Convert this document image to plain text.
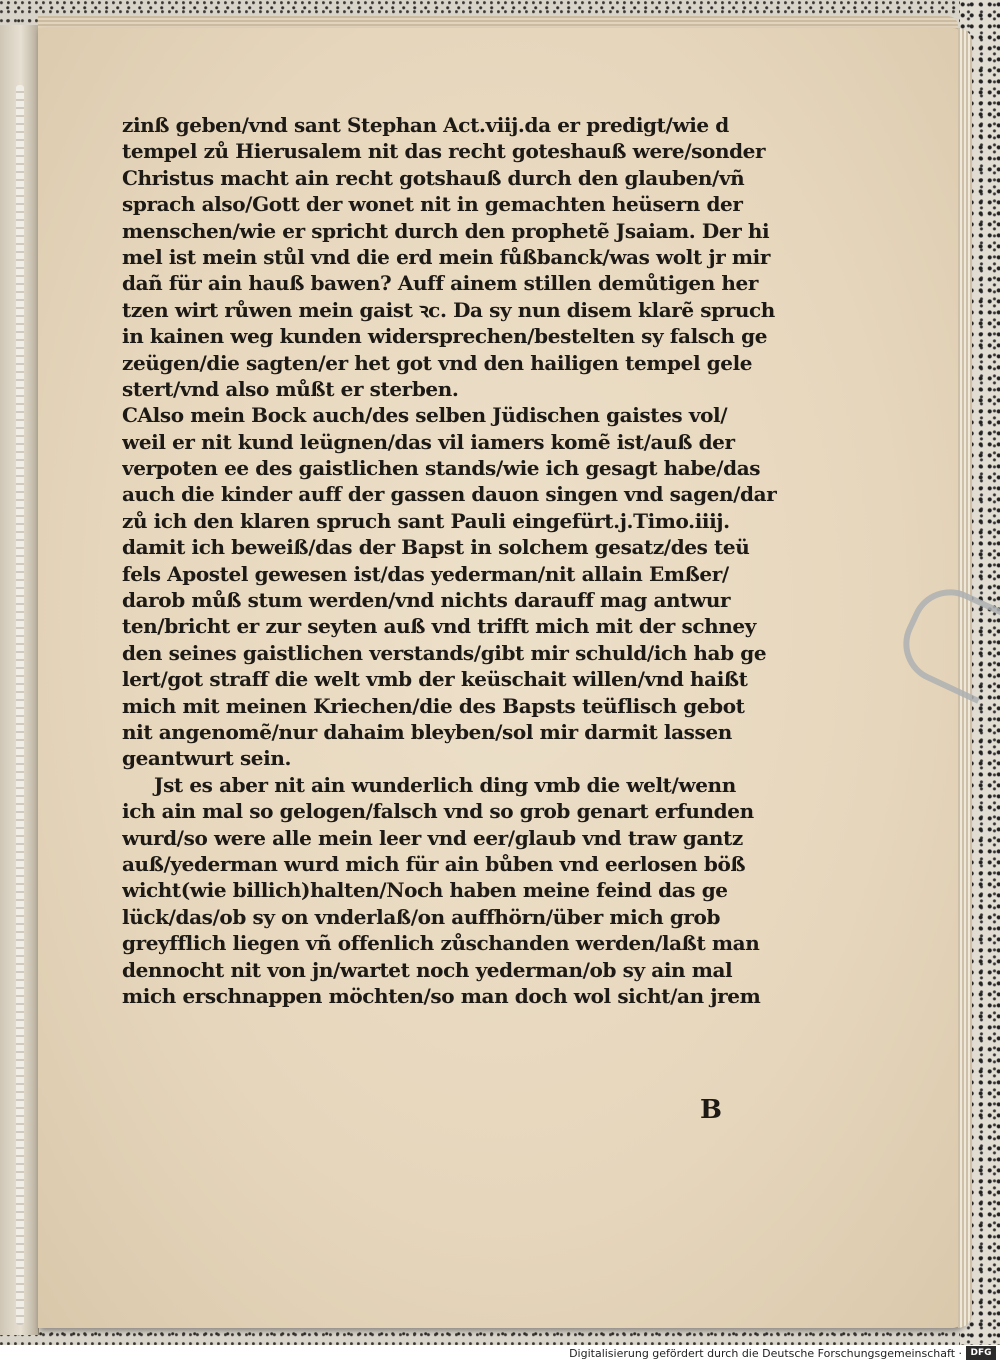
zinß geben/vnd sant Stephan Act.viij.da er predigt/wie d
tempel zů Hierusalem nit das recht goteshauß were/sonder
Christus macht ain recht gotshauß durch den glauben/vñ
sprach also/Gott der wonet nit in gemachten heüsern der
menschen/wie er spricht durch den prophetẽ Jsaiam. Der hi
mel ist mein stůl vnd die erd mein fůßbanck/was wolt jr mir
dañ für ain hauß bawen? Auff ainem stillen demůtigen her
tzen wirt růwen mein gaist ꝛc. Da sy nun disem klarẽ spruch
in kainen weg kunden widersprechen/bestelten sy falsch ge
zeügen/die sagten/er het got vnd den hailigen tempel gele
stert/vnd also můßt er sterben.
CAlso mein Bock auch/des selben Jüdischen gaistes vol/
weil er nit kund leügnen/das vil iamers komẽ ist/auß der
verpoten ee des gaistlichen stands/wie ich gesagt habe/das
auch die kinder auff der gassen dauon singen vnd sagen/dar
zů ich den klaren spruch sant Pauli eingefürt.j.Timo.iiij.
damit ich beweiß/das der Bapst in solchem gesatz/des teü
fels Apostel gewesen ist/das yederman/nit allain Emßer/
darob můß stum werden/vnd nichts darauff mag antwur
ten/bricht er zur seyten auß vnd trifft mich mit der schney
den seines gaistlichen verstands/gibt mir schuld/ich hab ge
lert/got straff die welt vmb der keüschait willen/vnd haißt
mich mit meinen Kriechen/die des Bapsts teüflisch gebot
nit angenomẽ/nur dahaim bleyben/sol mir darmit lassen
geantwurt sein.
Jst es aber nit ain wunderlich ding vmb die welt/wenn
ich ain mal so gelogen/falsch vnd so grob genart erfunden
wurd/so were alle mein leer vnd eer/glaub vnd traw gantz
auß/yederman wurd mich für ain bůben vnd eerlosen böß
wicht(wie billich)halten/Noch haben meine feind das ge
lück/das/ob sy on vnderlaß/on auffhörn/über mich grob
greyfflich liegen vñ offenlich zůschanden werden/laßt man
dennocht nit von jn/wartet noch yederman/ob sy ain mal
mich erschnappen möchten/so man doch wol sicht/an jrem
B
Digitalisierung gefördert durch die Deutsche Forschungsgemeinschaft · DFG
